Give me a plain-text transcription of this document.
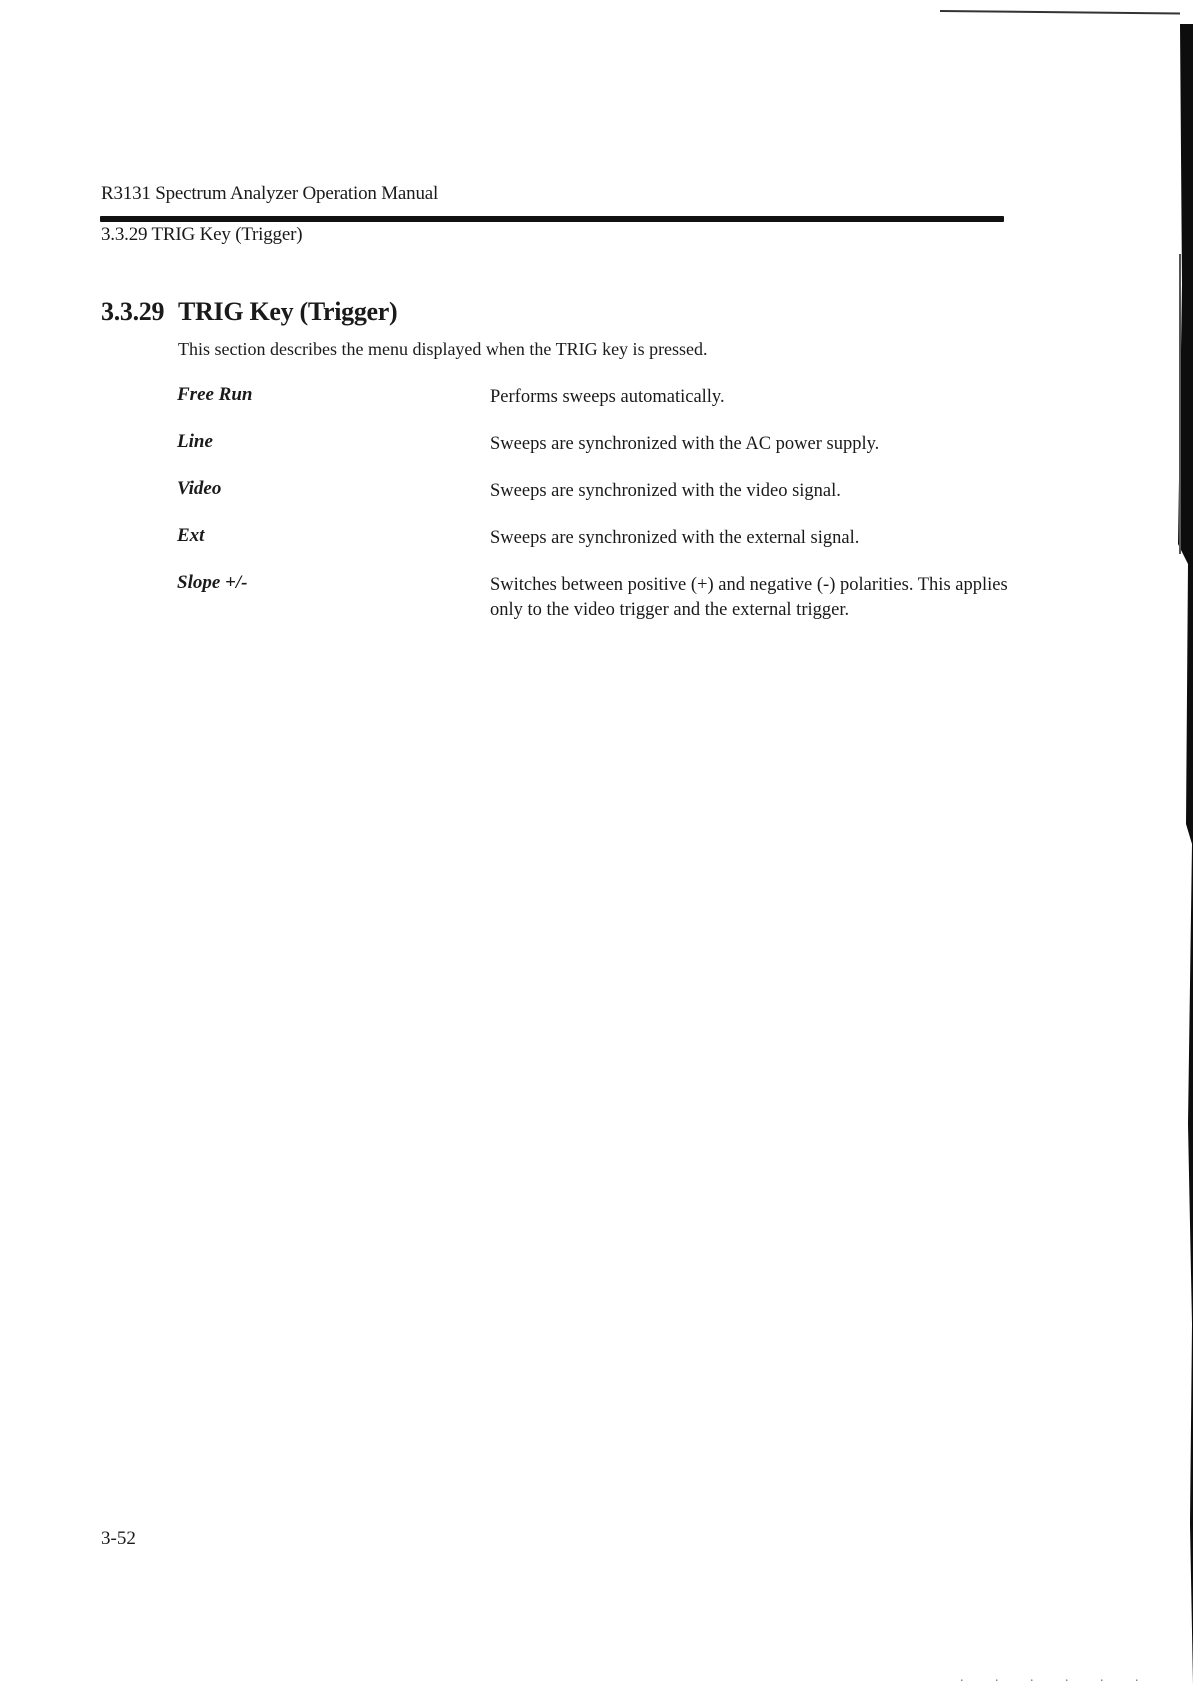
R3131 Spectrum Analyzer Operation Manual
3.3.29 TRIG Key (Trigger)
3.3.29 TRIG Key (Trigger)
This section describes the menu displayed when the TRIG key is pressed.
Free Run	Performs sweeps automatically.
Line	Sweeps are synchronized with the AC power supply.
Video	Sweeps are synchronized with the video signal.
Ext	Sweeps are synchronized with the external signal.
Slope +/-	Switches between positive (+) and negative (-) polarities. This applies only to the video trigger and the external trigger.
3-52
. . . . . .
